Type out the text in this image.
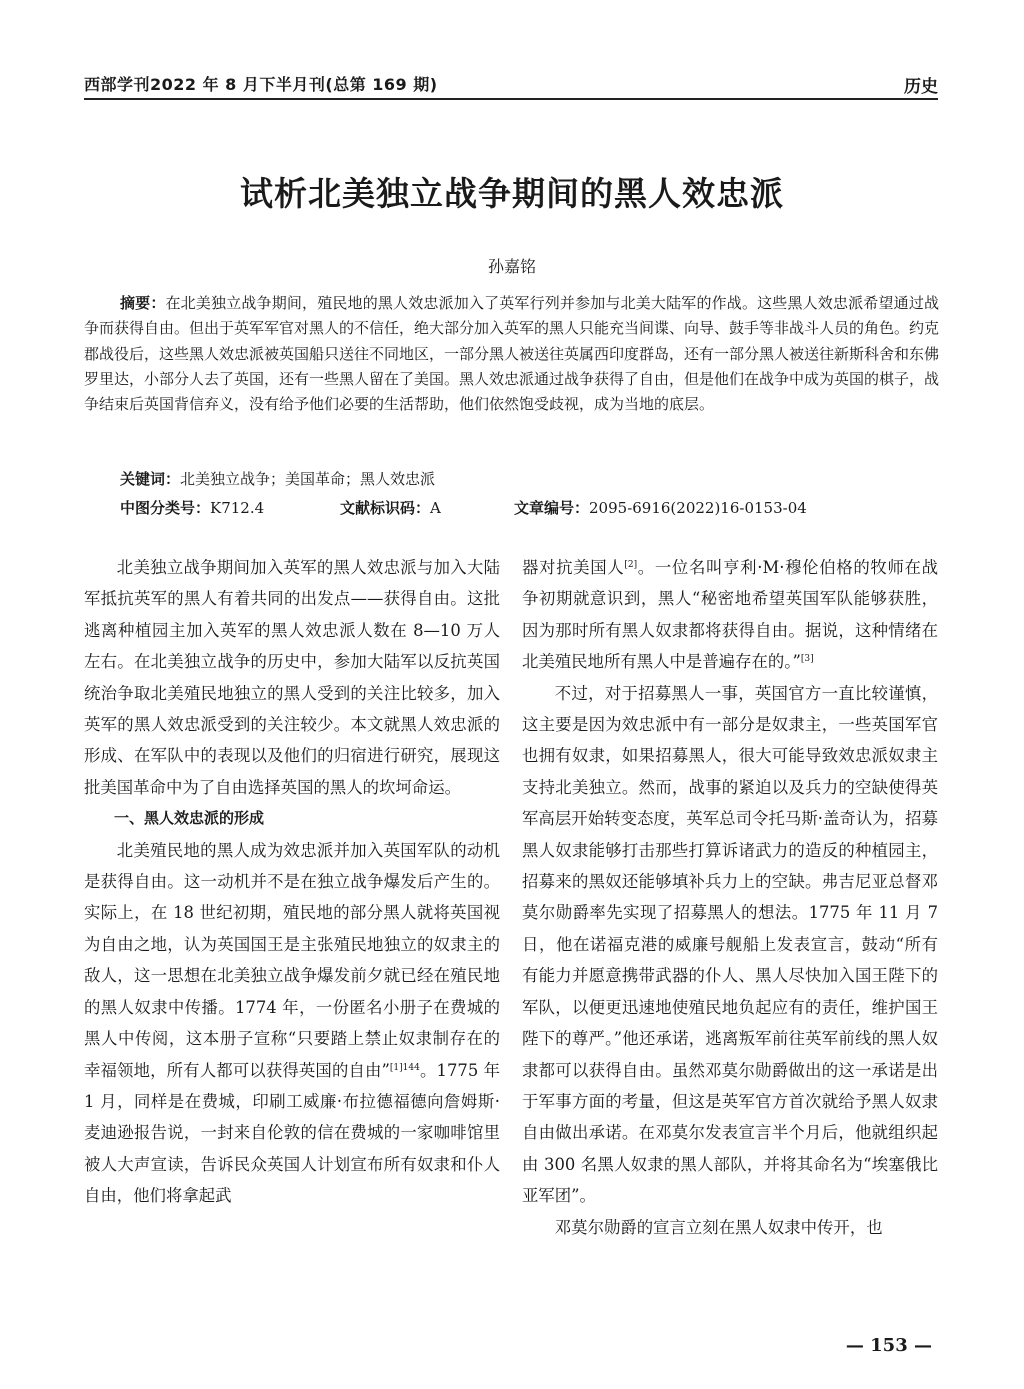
西部学刊2022 年 8 月下半月刊(总第 169 期)	历史
试析北美独立战争期间的黑人效忠派
孙嘉铭

摘要：在北美独立战争期间，殖民地的黑人效忠派加入了英军行列并参加与北美大陆军的作战。这些黑人效忠派希望通过战争而获得自由。但出于英军军官对黑人的不信任，绝大部分加入英军的黑人只能充当间谍、向导、鼓手等非战斗人员的角色。约克郡战役后，这些黑人效忠派被英国船只送往不同地区，一部分黑人被送往英属西印度群岛，还有一部分黑人被送往新斯科舍和东佛罗里达，小部分人去了英国，还有一些黑人留在了美国。黑人效忠派通过战争获得了自由，但是他们在战争中成为英国的棋子，战争结束后英国背信弃义，没有给予他们必要的生活帮助，他们依然饱受歧视，成为当地的底层。

关键词：北美独立战争；美国革命；黑人效忠派
中图分类号：K712.4	文献标识码：A	文章编号：2095-6916(2022)16-0153-04

北美独立战争期间加入英军的黑人效忠派与加入大陆军抵抗英军的黑人有着共同的出发点——获得自由。这批逃离种植园主加入英军的黑人效忠派人数在 8—10 万人左右。在北美独立战争的历史中，参加大陆军以反抗英国统治争取北美殖民地独立的黑人受到的关注比较多，加入英军的黑人效忠派受到的关注较少。本文就黑人效忠派的形成、在军队中的表现以及他们的归宿进行研究，展现这批美国革命中为了自由选择英国的黑人的坎坷命运。

一、黑人效忠派的形成

北美殖民地的黑人成为效忠派并加入英国军队的动机是获得自由。这一动机并不是在独立战争爆发后产生的。实际上，在 18 世纪初期，殖民地的部分黑人就将英国视为自由之地，认为英国国王是主张殖民地独立的奴隶主的敌人，这一思想在北美独立战争爆发前夕就已经在殖民地的黑人奴隶中传播。1774 年，一份匿名小册子在费城的黑人中传阅，这本册子宣称“只要踏上禁止奴隶制存在的幸福领地，所有人都可以获得英国的自由”$^{[1]144}$。1775 年 1 月，同样是在费城，印刷工威廉·布拉德福德向詹姆斯·麦迪逊报告说，一封来自伦敦的信在费城的一家咖啡馆里被人大声宣读，告诉民众英国人计划宣布所有奴隶和仆人自由，他们将拿起武

器对抗美国人[2]。一位名叫亨利·M·穆伦伯格的牧师在战争初期就意识到，黑人“秘密地希望英国军队能够获胜，因为那时所有黑人奴隶都将获得自由。据说，这种情绪在北美殖民地所有黑人中是普遍存在的。”[3]

不过，对于招募黑人一事，英国官方一直比较谨慎，这主要是因为效忠派中有一部分是奴隶主，一些英国军官也拥有奴隶，如果招募黑人，很大可能导致效忠派奴隶主支持北美独立。然而，战事的紧迫以及兵力的空缺使得英军高层开始转变态度，英军总司令托马斯·盖奇认为，招募黑人奴隶能够打击那些打算诉诸武力的造反的种植园主，招募来的黑奴还能够填补兵力上的空缺。弗吉尼亚总督邓莫尔勋爵率先实现了招募黑人的想法。1775 年 11 月 7 日，他在诺福克港的威廉号舰船上发表宣言，鼓动“所有有能力并愿意携带武器的仆人、黑人尽快加入国王陛下的军队，以便更迅速地使殖民地负起应有的责任，维护国王陛下的尊严。”他还承诺，逃离叛军前往英军前线的黑人奴隶都可以获得自由。虽然邓莫尔勋爵做出的这一承诺是出于军事方面的考量，但这是英军官方首次就给予黑人奴隶自由做出承诺。在邓莫尔发表宣言半个月后，他就组织起由 300 名黑人奴隶的黑人部队，并将其命名为“埃塞俄比亚军团”。

邓莫尔勋爵的宣言立刻在黑人奴隶中传开，也

— 153 —
